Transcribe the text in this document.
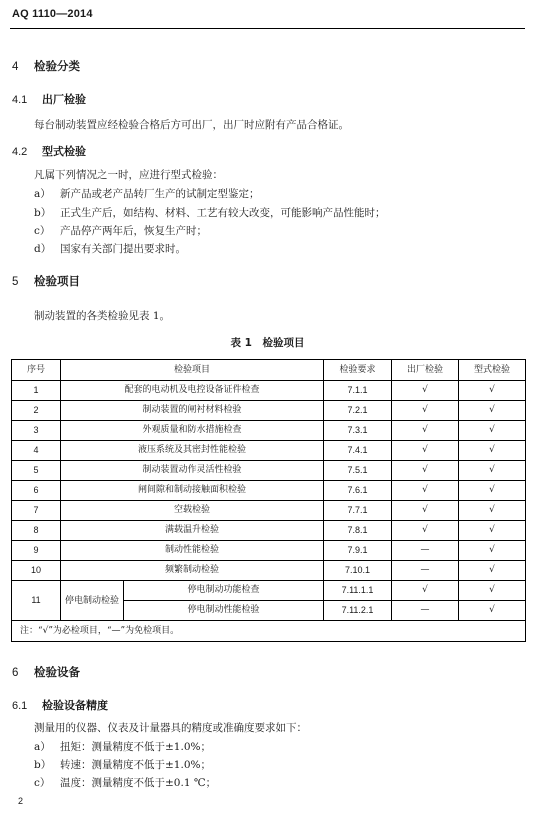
AQ 1110—2014
4 检验分类
4.1 出厂检验
每台制动装置应经检验合格后方可出厂，出厂时应附有产品合格证。
4.2 型式检验
凡属下列情况之一时，应进行型式检验：
a） 新产品或老产品转厂生产的试制定型鉴定；
b） 正式生产后，如结构、材料、工艺有较大改变，可能影响产品性能时；
c） 产品停产两年后，恢复生产时；
d） 国家有关部门提出要求时。
5 检验项目
制动装置的各类检验见表 1。
表 1　检验项目
序号	检验项目		检验要求	出厂检验	型式检验
1	配套的电动机及电控设备证件检查		7.1.1	√	√
2	制动装置的闸衬材料检验		7.2.1	√	√
3	外观质量和防水措施检查		7.3.1	√	√
4	液压系统及其密封性能检验		7.4.1	√	√
5	制动装置动作灵活性检验		7.5.1	√	√
6	闸间隙和制动接触面积检验		7.6.1	√	√
7	空载检验		7.7.1	√	√
8	满载温升检验		7.8.1	√	√
9	制动性能检验		7.9.1	—	√
10	频繁制动检验		7.10.1	—	√
11	停电制动检验	停电制动功能检查	7.11.1.1	√	√
		停电制动性能检验	7.11.2.1	—	√
注：“√”为必检项目，“—”为免检项目。					
6 检验设备
6.1 检验设备精度
测量用的仪器、仪表及计量器具的精度或准确度要求如下：
a） 扭矩：测量精度不低于±1.0%；
b） 转速：测量精度不低于±1.0%；
c） 温度：测量精度不低于±0.1 ℃；
2
